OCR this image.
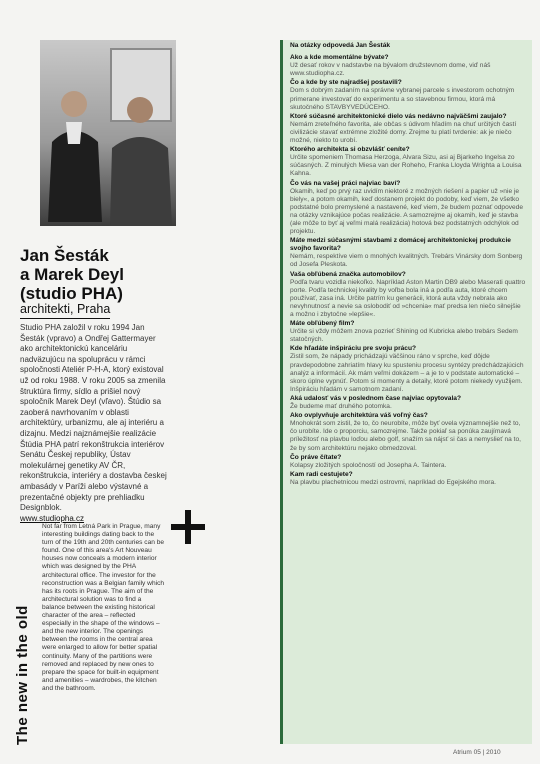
Jan Šesták
a Marek Deyl
(studio PHA)
architekti, Praha
Studio PHA založil v roku 1994 Jan Šesták (vpravo) a Ondřej Gattermayer ako architektonickú kanceláriu nadväzujúcu na spoluprácu v rámci spoločnosti Ateliér P-H-A, ktorý existoval už od roku 1988. V roku 2005 sa zmenila štruktúra firmy, sídlo a prišiel nový spoločník Marek Deyl (vľavo). Štúdio sa zaoberá navrhovaním v oblasti architektúry, urbanizmu, ale aj interiéru a dizajnu. Medzi najznámejšie realizácie Štúdia PHA patrí rekonštrukcia interiérov Senátu Českej republiky, Ústav molekulárnej genetiky AV ČR, rekonštrukcia, interiéry a dostavba českej ambasády v Paríži alebo výstavné a prezentačné objekty pre prehliadku Designblok.
www.studiopha.cz
The new in the old
Not far from Letná Park in Prague, many interesting buildings dating back to the turn of the 19th and 20th centuries can be found. One of this area's Art Nouveau houses now conceals a modern interior which was designed by the PHA architectural office. The investor for the reconstruction was a Belgian family which has its roots in Prague. The aim of the architectural solution was to find a balance between the existing historical character of the area – reflected especially in the shape of the windows – and the new interior. The openings between the rooms in the central area were enlarged to allow for better spatial continuity. Many of the partitions were removed and replaced by new ones to prepare the space for built-in equipment and amenities – wardrobes, the kitchen and the bathroom.
Na otázky odpovedá Jan Šesták
Ako a kde momentálne bývate?
Už desať rokov v nadstavbe na bývalom družstevnom dome, viď náš www.studiopha.cz.
Čo a kde by ste najradšej postavili?
Dom s dobrým zadaním na správne vybranej parcele s investorom ochotným primerane investovať do experimentu a so stavebnou firmou, ktorá má skutočného STAVBYVEDÚCEHO.
Ktoré súčasné architektonické dielo vás nedávno najväčšmi zaujalo?
Nemám zreteľného favorita, ale občas s údivom hľadím na chuť určitých častí civilizácie stavať extrémne zložité domy. Zrejme tu platí tvrdenie: ak je niečo možné, niekto to urobí.
Ktorého architekta si obzvlášť ceníte?
Určite spomeniem Thomasa Herzoga, Alvara Sizu, asi aj Bjarkeho Ingelsa zo súčasných. Z minulých Miesa van der Roheho, Franka Lloyda Wrighta a Louisa Kahna.
Čo vás na vašej práci najviac baví?
Okamih, keď po prvý raz uvidím niektoré z možných riešení a papier už »nie je biely«, a potom okamih, keď dostanem projekt do podoby, keď viem, že všetko podstatné bolo premyslené a nastavené, keď viem, že budem poznať odpovede na otázky vznikajúce počas realizácie. A samozrejme aj okamih, keď je stavba (ale môže to byť aj veľmi malá realizácia) hotová bez podstatných odchýlok od projektu.
Máte medzi súčasnými stavbami z domácej architektonickej produkcie svojho favorita?
Nemám, respektíve viem o mnohých kvalitných. Trebárs Vinársky dom Sonberg od Josefa Pleskota.
Vaša obľúbená značka automobilov?
Podľa tvaru vozidla niekoľko. Napríklad Aston Martin DB9 alebo Maserati quattro porte. Podľa technickej kvality by voľba bola iná a podľa auta, ktoré chcem používať, zasa iná. Určite patrím ku generácii, ktorá auta vždy nebrala ako nevyhnutnosť a nevie sa oslobodiť od »chcenia« mať predsa len niečo silnejšie a možno i zbytočne »lepšie«.
Máte obľúbený film?
Určite si vždy môžem znova pozrieť Shining od Kubricka alebo trebárs Sedem statočných.
Kde hľadáte inšpiráciu pre svoju prácu?
Zistil som, že nápady prichádzajú väčšinou ráno v sprche, keď dôjde pravdepodobne zahriatím hlavy ku spusteniu procesu syntézy predchádzajúcich analýz a informácií. Ak mám veľmi dokázem – a je to v podstate automatické – skoro úplne vypnúť. Potom si momenty a detaily, ktoré potom niekedy využijem. Inšpiráciu hľadám v samotnom zadaní.
Aká udalosť vás v poslednom čase najviac opytovala?
Že budeme mať druhého potomka.
Ako ovplyvňuje architektúra váš voľný čas?
Mnohokrát som zistil, že to, čo neurobíte, môže byť ovela významnejšie než to, čo urobíte. Ide o proporciu, samozrejme. Takže pokiaľ sa ponúka zaujímavá príležitosť na plavbu loďou alebo golf, snažím sa nájsť si čas a nemyslieť na to, že by som architektúru nejako obmedzoval.
Čo práve čítate?
Kolapsy zložitých spoločností od Josepha A. Taintera.
Kam radi cestujete?
Na plavbu plachetnicou medzi ostrovmi, napríklad do Egejského mora.
Atrium 05 | 2010
